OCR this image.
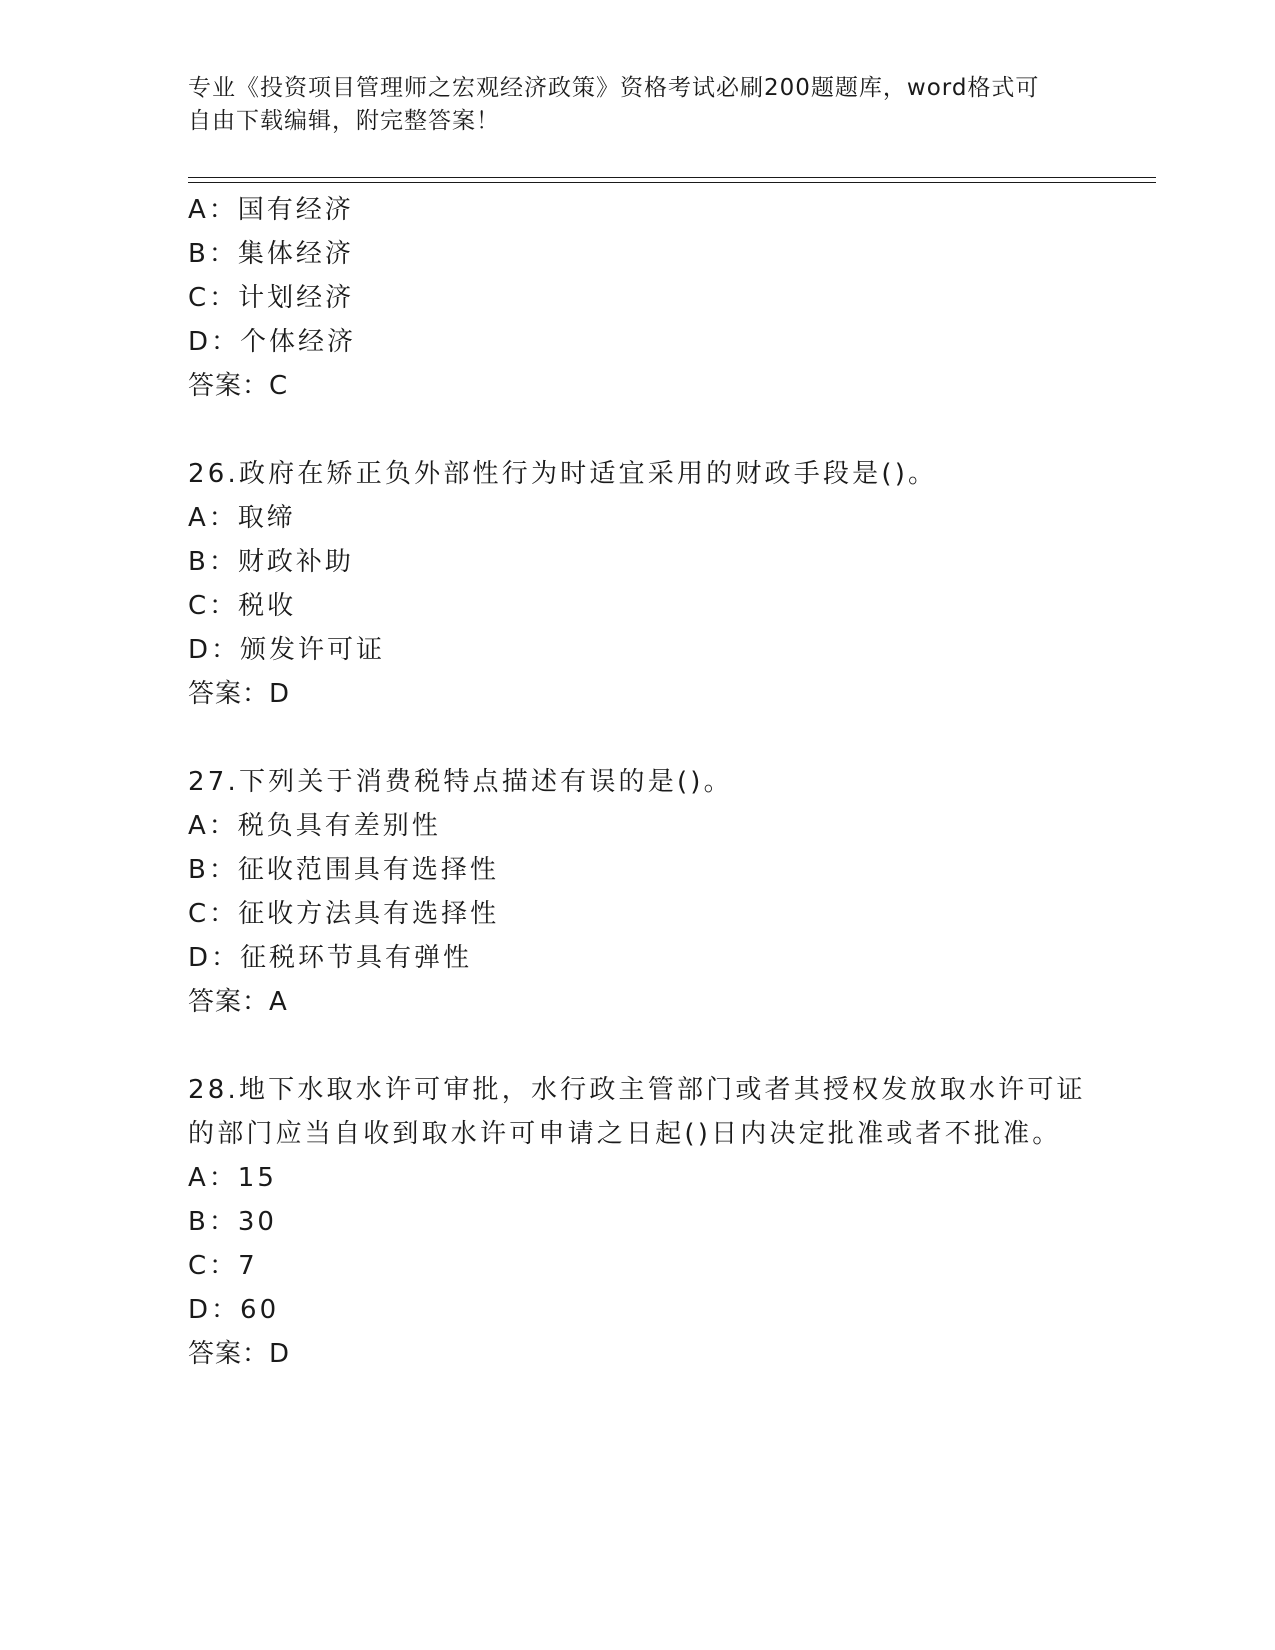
专业《投资项目管理师之宏观经济政策》资格考试必刷200题题库，word格式可
自由下载编辑，附完整答案！
A：国有经济
B：集体经济
C：计划经济
D：个体经济
答案：C
26.政府在矫正负外部性行为时适宜采用的财政手段是()。
A：取缔
B：财政补助
C：税收
D：颁发许可证
答案：D
27.下列关于消费税特点描述有误的是()。
A：税负具有差别性
B：征收范围具有选择性
C：征收方法具有选择性
D：征税环节具有弹性
答案：A
28.地下水取水许可审批，水行政主管部门或者其授权发放取水许可证
的部门应当自收到取水许可申请之日起()日内决定批准或者不批准。
A：15
B：30
C：7
D：60
答案：D
